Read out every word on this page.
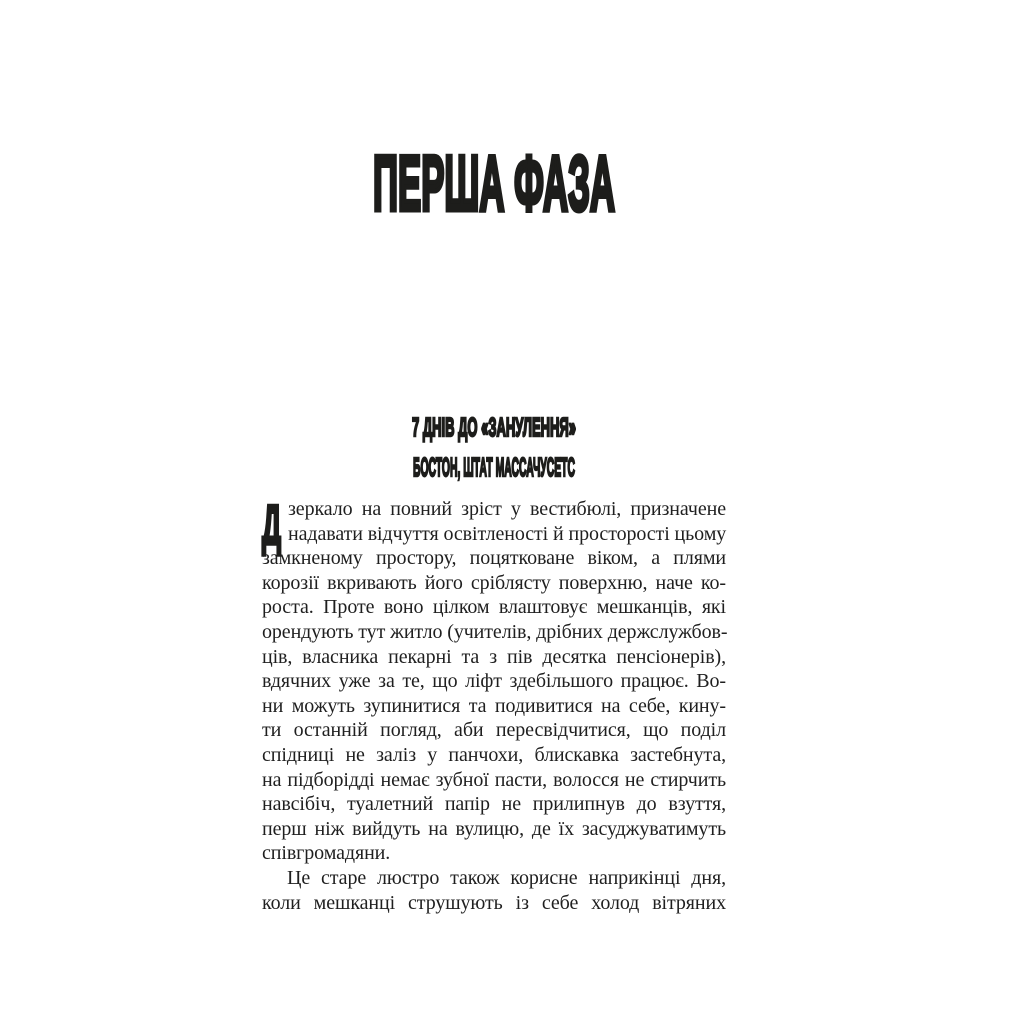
ПЕРША ФАЗА
7 ДНІВ ДО «ЗАНУЛЕННЯ»
БОСТОН, ШТАТ МАССАЧУСЕТС
Д зеркало на повний зріст у вестибюлі, призначене
надавати відчуття освітленості й просторості цьому
замкненому простору, поцятковане віком, а плями
корозії вкривають його сріблясту поверхню, наче ко-
роста. Проте воно цілком влаштовує мешканців, які
орендують тут житло (учителів, дрібних держслужбов-
ців, власника пекарні та з пів десятка пенсіонерів),
вдячних уже за те, що ліфт здебільшого працює. Во-
ни можуть зупинитися та подивитися на себе, кину-
ти останній погляд, аби пересвідчитися, що поділ
спідниці не заліз у панчохи, блискавка застебнута,
на підборідді немає зубної пасти, волосся не стирчить
навсібіч, туалетний папір не прилипнув до взуття,
перш ніж вийдуть на вулицю, де їх засуджуватимуть
співгромадяни.
Це старе люстро також корисне наприкінці дня,
коли мешканці струшують із себе холод вітряних
